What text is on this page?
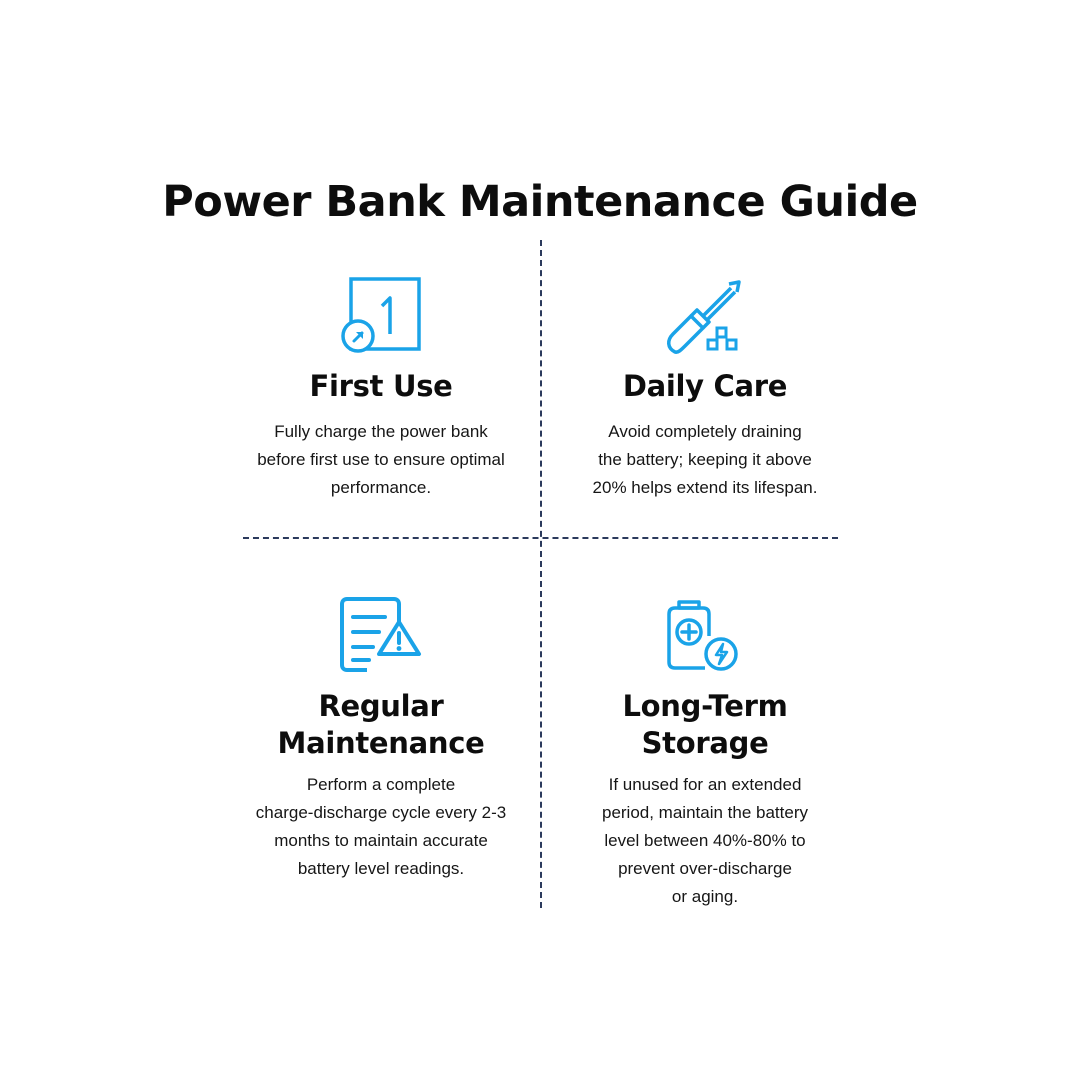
Power Bank Maintenance Guide
First Use
Fully charge the power bank
before first use to ensure optimal
performance.
Daily Care
Avoid completely draining
the battery; keeping it above
20% helps extend its lifespan.
Regular
Maintenance
Perform a complete
charge-discharge cycle every 2-3
months to maintain accurate
battery level readings.
Long-Term
Storage
If unused for an extended
period, maintain the battery
level between 40%-80% to
prevent over-discharge
or aging.
